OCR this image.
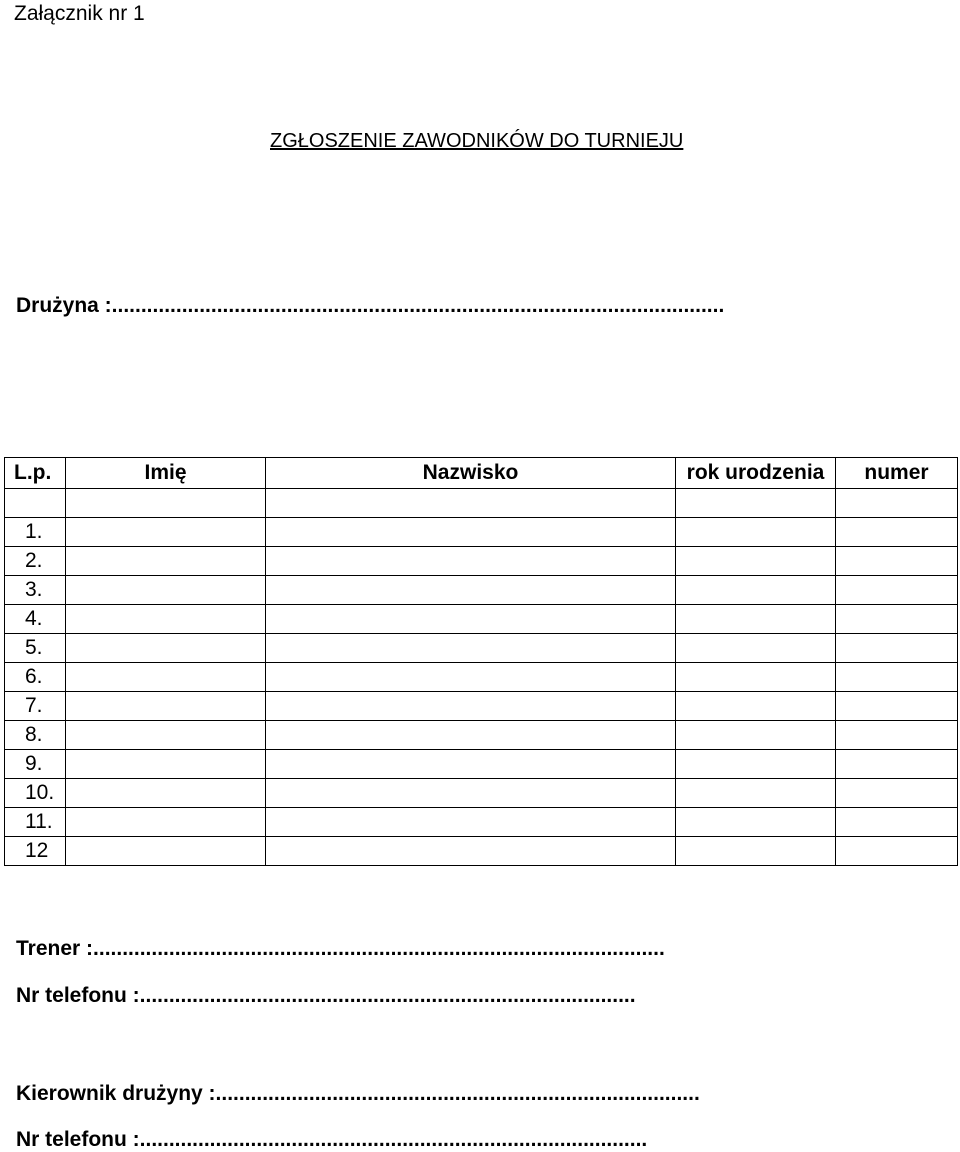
Załącznik nr 1
ZGŁOSZENIE ZAWODNIKÓW DO TURNIEJU
Drużyna :.........................................................................................................
L.p.	Imię	Nazwisko	rok urodzenia	numer

1.				
2.				
3.				
4.				
5.				
6.				
7.				
8.				
9.				
10.				
11.				
12				
Trener :..................................................................................................
Nr telefonu :.....................................................................................
Kierownik drużyny :...................................................................................
Nr telefonu :.......................................................................................
